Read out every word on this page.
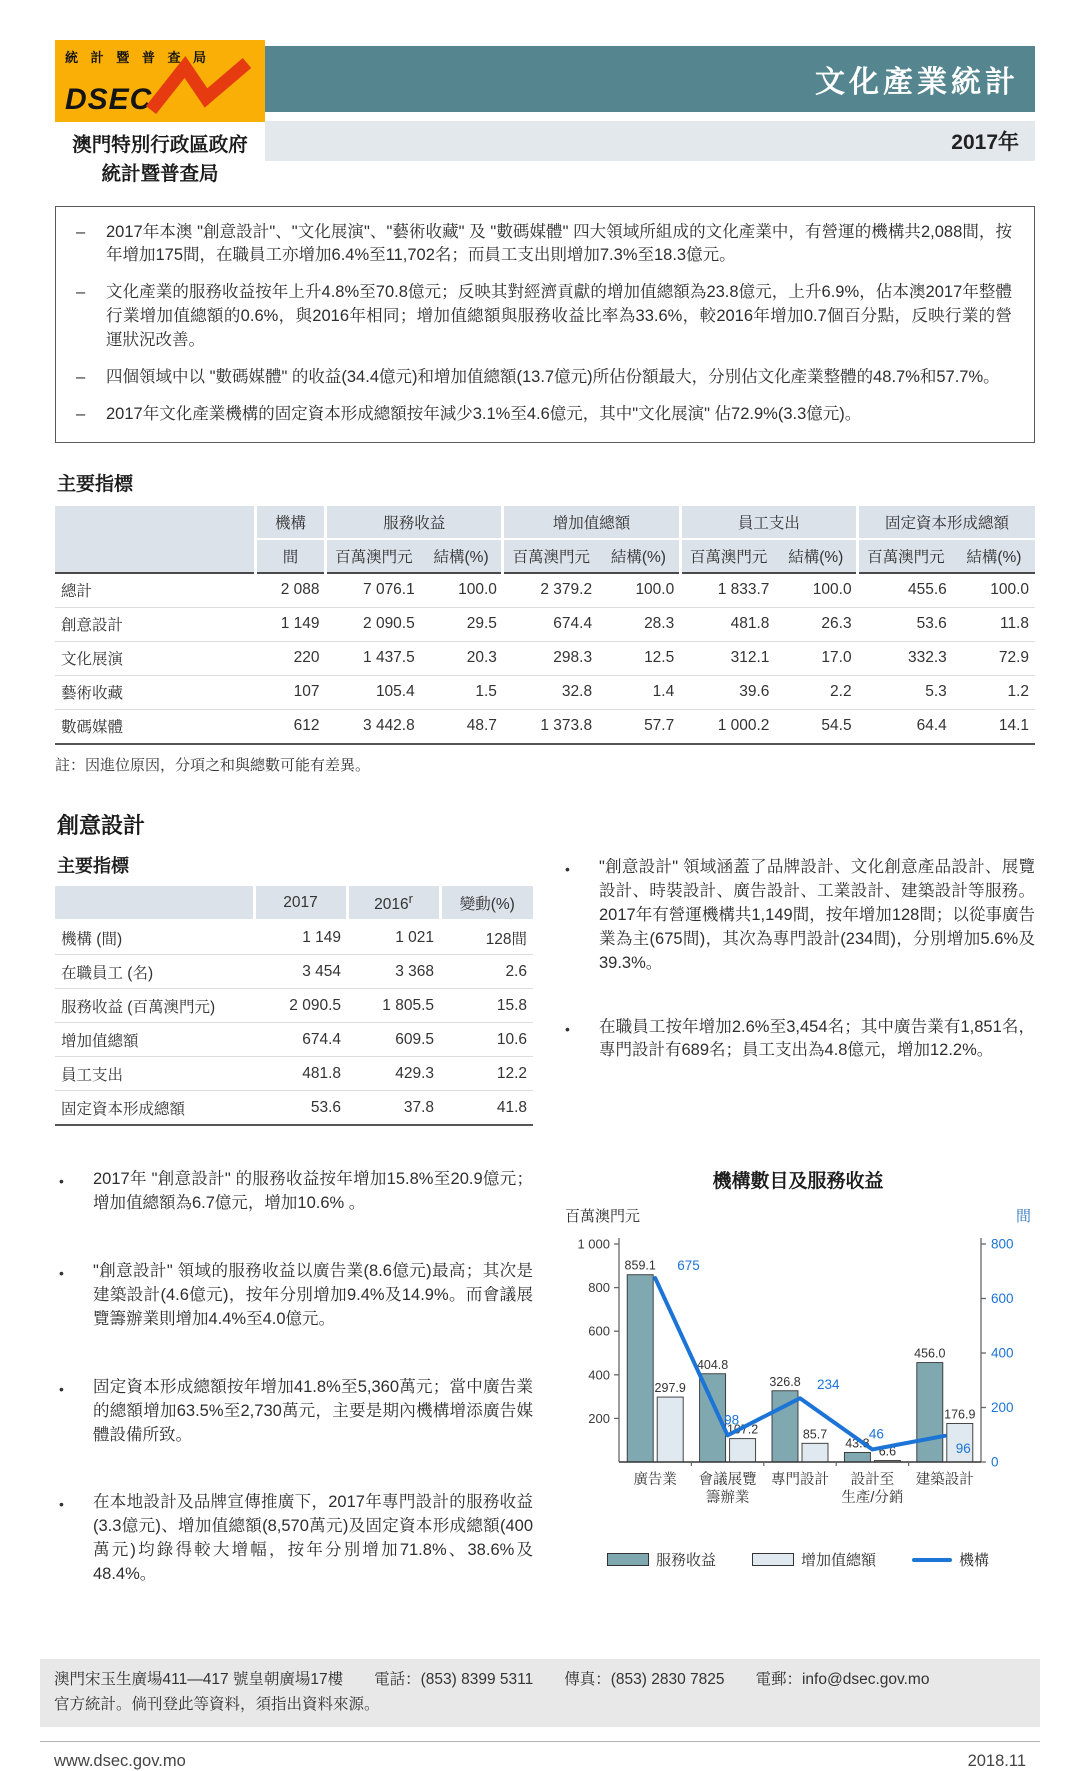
統 計 暨 普 查 局
DSEC
澳門特別行政區政府
統計暨普查局
文化產業統計
2017年
–	2017年本澳 "創意設計"、"文化展演"、"藝術收藏" 及 "數碼媒體" 四大領域所組成的文化產業中，有營運的機構共2,088間，按年增加175間，在職員工亦增加6.4%至11,702名；而員工支出則增加7.3%至18.3億元。
–	文化產業的服務收益按年上升4.8%至70.8億元；反映其對經濟貢獻的增加值總額為23.8億元，上升6.9%，佔本澳2017年整體行業增加值總額的0.6%，與2016年相同；增加值總額與服務收益比率為33.6%，較2016年增加0.7個百分點，反映行業的營運狀況改善。
–	四個領域中以 "數碼媒體" 的收益(34.4億元)和增加值總額(13.7億元)所佔份額最大，分別佔文化產業整體的48.7%和57.7%。
–	2017年文化產業機構的固定資本形成總額按年減少3.1%至4.6億元，其中"文化展演" 佔72.9%(3.3億元)。
主要指標
	機構	服務收益		增加值總額		員工支出		固定資本形成總額	
	間	百萬澳門元	結構(%)	百萬澳門元	結構(%)	百萬澳門元	結構(%)	百萬澳門元	結構(%)
總計	2 088	7 076.1	100.0	2 379.2	100.0	1 833.7	100.0	455.6	100.0
創意設計	1 149	2 090.5	29.5	674.4	28.3	481.8	26.3	53.6	11.8
文化展演	220	1 437.5	20.3	298.3	12.5	312.1	17.0	332.3	72.9
藝術收藏	107	105.4	1.5	32.8	1.4	39.6	2.2	5.3	1.2
數碼媒體	612	3 442.8	48.7	1 373.8	57.7	1 000.2	54.5	64.4	14.1
註：因進位原因，分項之和與總數可能有差異。
創意設計
主要指標
	2017	2016$^r$	變動(%)
機構 (間)	1 149	1 021	128間
在職員工 (名)	3 454	3 368	2.6
服務收益 (百萬澳門元)	2 090.5	1 805.5	15.8
增加值總額	674.4	609.5	10.6
員工支出	481.8	429.3	12.2
固定資本形成總額	53.6	37.8	41.8
•	"創意設計" 領域涵蓋了品牌設計、文化創意產品設計、展覽設計、時裝設計、廣告設計、工業設計、建築設計等服務。2017年有營運機構共1,149間，按年增加128間；以從事廣告業為主(675間)，其次為專門設計(234間)，分別增加5.6%及39.3%。
•	在職員工按年增加2.6%至3,454名；其中廣告業有1,851名，專門設計有689名；員工支出為4.8億元，增加12.2%。
•	2017年 "創意設計" 的服務收益按年增加15.8%至20.9億元；增加值總額為6.7億元，增加10.6% 。
•	"創意設計" 領域的服務收益以廣告業(8.6億元)最高；其次是建築設計(4.6億元)，按年分別增加9.4%及14.9%。而會議展覽籌辦業則增加4.4%至4.0億元。
•	固定資本形成總額按年增加41.8%至5,360萬元；當中廣告業的總額增加63.5%至2,730萬元，主要是期內機構增添廣告媒體設備所致。
•	在本地設計及品牌宣傳推廣下，2017年專門設計的服務收益(3.3億元)、增加值總額(8,570萬元)及固定資本形成總額(400萬元)均錄得較大增幅，按年分別增加71.8%、38.6%及48.4%。
機構數目及服務收益
百萬澳門元	間
200
400
600
800
1 000
0
200
400
600
800
859.1
404.8
326.8
43.8
456.0
297.9
107.2	85.7
6.6
176.9
675
98
234
46
96
廣告業 會議展覽
籌辦業
專門設計 設計至
生產/分銷
建築設計
服務收益	增加值總額	機構
澳門宋玉生廣場411—417 號皇朝廣場17樓　　電話：(853) 8399 5311　　傳真：(853) 2830 7825　　電郵：info@dsec.gov.mo
官方統計。倘刊登此等資料，須指出資料來源。
www.dsec.gov.mo	2018.11
